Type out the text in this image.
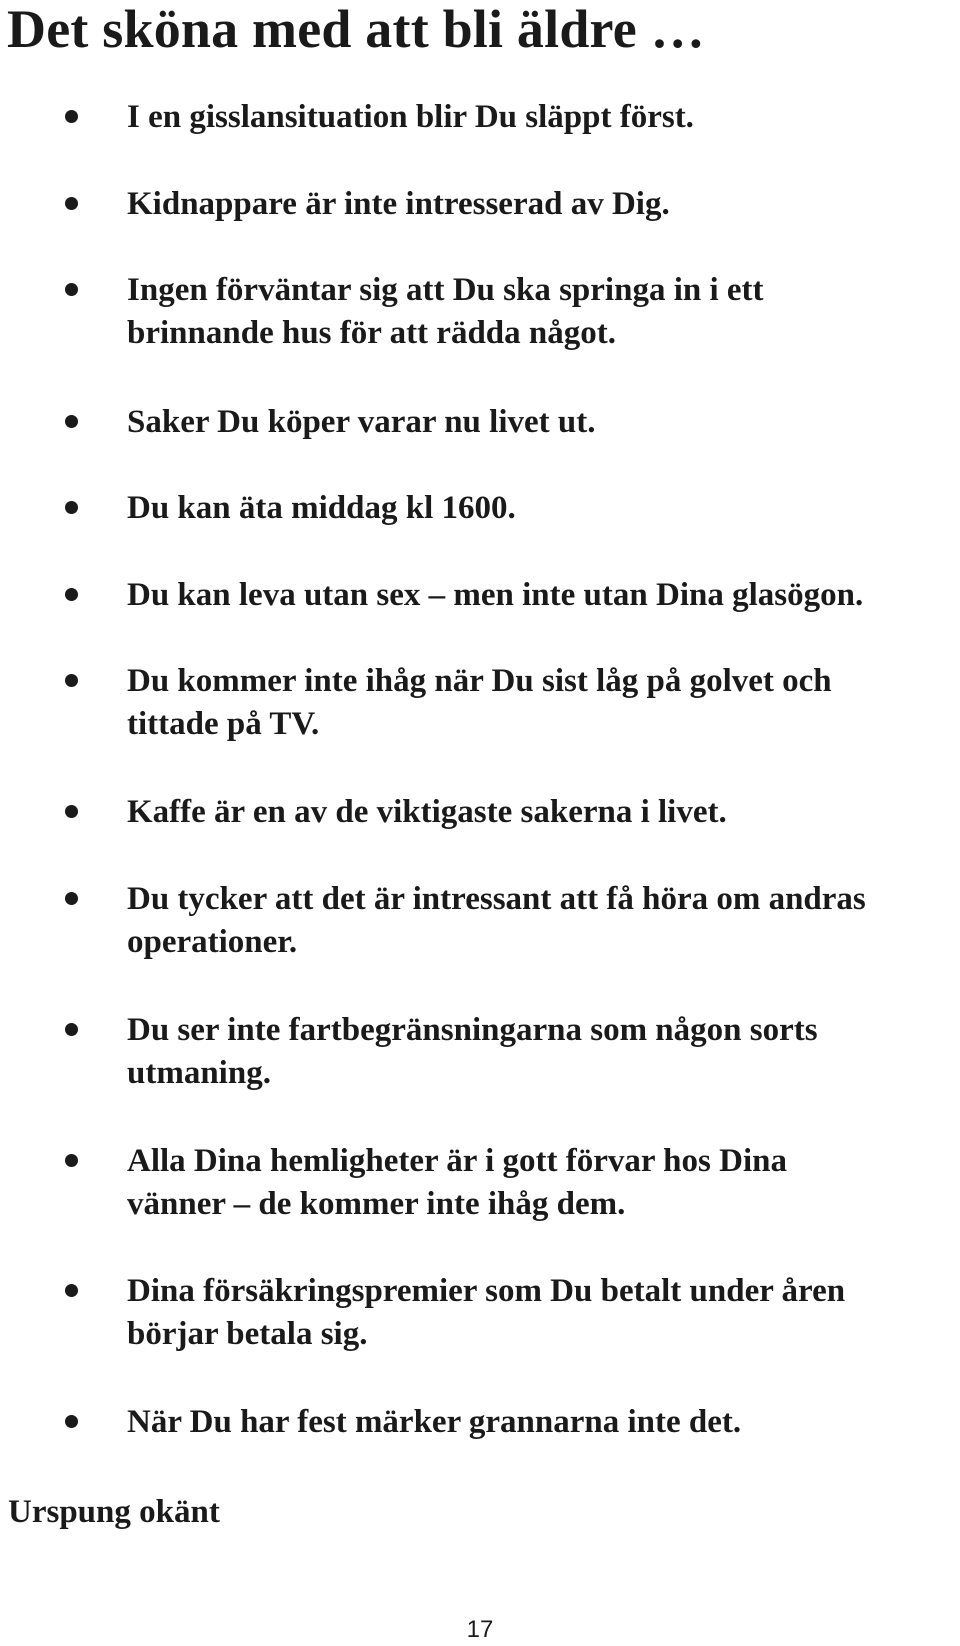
Det sköna med att bli äldre …
I en gisslansituation blir Du släppt först.
Kidnappare är inte intresserad av Dig.
Ingen förväntar sig att Du ska springa in i ett
brinnande hus för att rädda något.
Saker Du köper varar nu livet ut.
Du kan äta middag kl 1600.
Du kan leva utan sex – men inte utan Dina glasögon.
Du kommer inte ihåg när Du sist låg på golvet och
tittade på TV.
Kaffe är en av de viktigaste sakerna i livet.
Du tycker att det är intressant att få höra om andras
operationer.
Du ser inte fartbegränsningarna som någon sorts
utmaning.
Alla Dina hemligheter är i gott förvar hos Dina
vänner – de kommer inte ihåg dem.
Dina försäkringspremier som Du betalt under åren
börjar betala sig.
När Du har fest märker grannarna inte det.
Urspung okänt
17
